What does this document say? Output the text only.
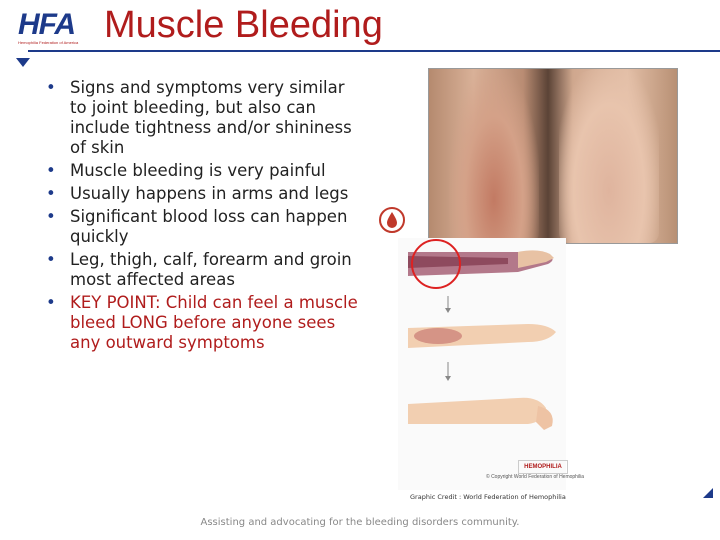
HFA
Hemophilia Federation of America Muscle Bleeding
• Signs and symptoms very similar to joint bleeding, but also can include tightness and/or shininess of skin
• Muscle bleeding is very painful
• Usually happens in arms and legs
• Significant blood loss can happen quickly
• Leg, thigh, calf, forearm and groin most affected areas
• KEY POINT: Child can feel a muscle bleed LONG before anyone sees any outward symptoms
HEMOPHILIA
© Copyright World Federation of Hemophilia
Graphic Credit : World Federation of Hemophilia
Assisting and advocating for the bleeding disorders community.
